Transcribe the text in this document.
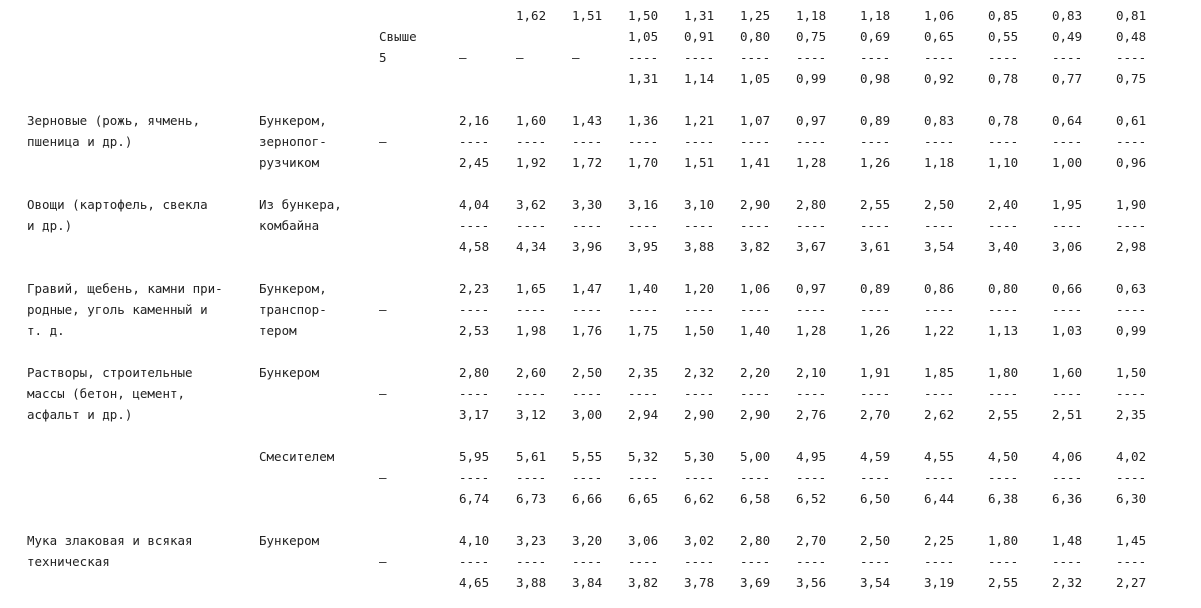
Свыше
5	–
1,62
–
1,51
–
1,50
1,05
----
1,31
1,31
0,91
----
1,14
1,25
0,80
----
1,05
1,18
0,75
----
0,99
1,18
0,69
----
0,98
1,06
0,65
----
0,92
0,85
0,55
----
0,78
0,83
0,49
----
0,77
0,81
0,48
----
0,75
Зерновые (рожь, ячмень,
пшеница и др.)
Бункером,
зернопог-
рузчиком
–
2,16
----
2,45
1,60
----
1,92
1,43
----
1,72
1,36
----
1,70
1,21
----
1,51
1,07
----
1,41
0,97
----
1,28
0,89
----
1,26
0,83
----
1,18
0,78
----
1,10
0,64
----
1,00
0,61
----
0,96
Овощи (картофель, свекла
и др.)
Из бункера,
комбайна
4,04
----
4,58
3,62
----
4,34
3,30
----
3,96
3,16
----
3,95
3,10
----
3,88
2,90
----
3,82
2,80
----
3,67
2,55
----
3,61
2,50
----
3,54
2,40
----
3,40
1,95
----
3,06
1,90
----
2,98
Гравий, щебень, камни при-
родные, уголь каменный и
т. д.
Бункером,
транспор-
тером
–
2,23
----
2,53
1,65
----
1,98
1,47
----
1,76
1,40
----
1,75
1,20
----
1,50
1,06
----
1,40
0,97
----
1,28
0,89
----
1,26
0,86
----
1,22
0,80
----
1,13
0,66
----
1,03
0,63
----
0,99
Растворы, строительные
массы (бетон, цемент,
асфальт и др.)
Бункером
–
2,80
----
3,17
2,60
----
3,12
2,50
----
3,00
2,35
----
2,94
2,32
----
2,90
2,20
----
2,90
2,10
----
2,76
1,91
----
2,70
1,85
----
2,62
1,80
----
2,55
1,60
----
2,51
1,50
----
2,35
Смесителем
–
5,95
----
6,74
5,61
----
6,73
5,55
----
6,66
5,32
----
6,65
5,30
----
6,62
5,00
----
6,58
4,95
----
6,52
4,59
----
6,50
4,55
----
6,44
4,50
----
6,38
4,06
----
6,36
4,02
----
6,30
Мука злаковая и всякая
техническая
Бункером
–
4,10
----
4,65
3,23
----
3,88
3,20
----
3,84
3,06
----
3,82
3,02
----
3,78
2,80
----
3,69
2,70
----
3,56
2,50
----
3,54
2,25
----
3,19
1,80
----
2,55
1,48
----
2,32
1,45
----
2,27
